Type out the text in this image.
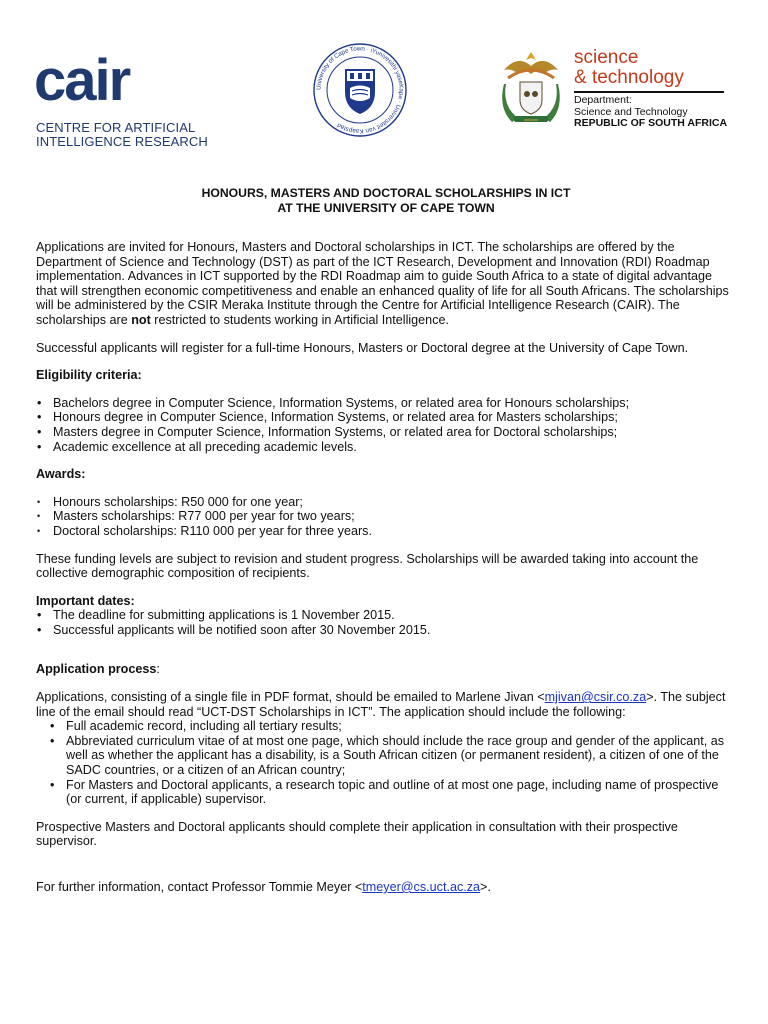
cair
CENTRE FOR ARTIFICIAL
INTELLIGENCE RESEARCH
University of Cape Town · iYunivesithi yaseKapa · Universiteit van Kaapstad
science
& technology
Department:
Science and Technology
REPUBLIC OF SOUTH AFRICA
HONOURS, MASTERS AND DOCTORAL SCHOLARSHIPS IN ICT
AT THE UNIVERSITY OF CAPE TOWN

Applications are invited for Honours, Masters and Doctoral scholarships in ICT. The scholarships are offered by the Department of Science and Technology (DST) as part of the ICT Research, Development and Innovation (RDI) Roadmap implementation. Advances in ICT supported by the RDI Roadmap aim to guide South Africa to a state of digital advantage that will strengthen economic competitiveness and enable an enhanced quality of life for all South Africans. The scholarships will be administered by the CSIR Meraka Institute through the Centre for Artificial Intelligence Research (CAIR). The scholarships are not restricted to students working in Artificial Intelligence.

Successful applicants will register for a full-time Honours, Masters or Doctoral degree at the University of Cape Town.

Eligibility criteria:
• Bachelors degree in Computer Science, Information Systems, or related area for Honours scholarships;
• Honours degree in Computer Science, Information Systems, or related area for Masters scholarships;
• Masters degree in Computer Science, Information Systems, or related area for Doctoral scholarships;
• Academic excellence at all preceding academic levels.
Awards:
• Honours scholarships: R50 000 for one year;
• Masters scholarships: R77 000 per year for two years;
• Doctoral scholarships: R110 000 per year for three years.

These funding levels are subject to revision and student progress. Scholarships will be awarded taking into account the collective demographic composition of recipients.

Important dates:
• The deadline for submitting applications is 1 November 2015.
• Successful applicants will be notified soon after 30 November 2015.
Application process:

Applications, consisting of a single file in PDF format, should be emailed to Marlene Jivan <mjivan@csir.co.za>. The subject line of the email should read “UCT-DST Scholarships in ICT”. The application should include the following:

• Full academic record, including all tertiary results;
• Abbreviated curriculum vitae of at most one page, which should include the race group and gender of the applicant, as well as whether the applicant has a disability, is a South African citizen (or permanent resident), a citizen of one of the SADC countries, or a citizen of an African country;
• For Masters and Doctoral applicants, a research topic and outline of at most one page, including name of prospective (or current, if applicable) supervisor.

Prospective Masters and Doctoral applicants should complete their application in consultation with their prospective supervisor.

For further information, contact Professor Tommie Meyer <tmeyer@cs.uct.ac.za>.
